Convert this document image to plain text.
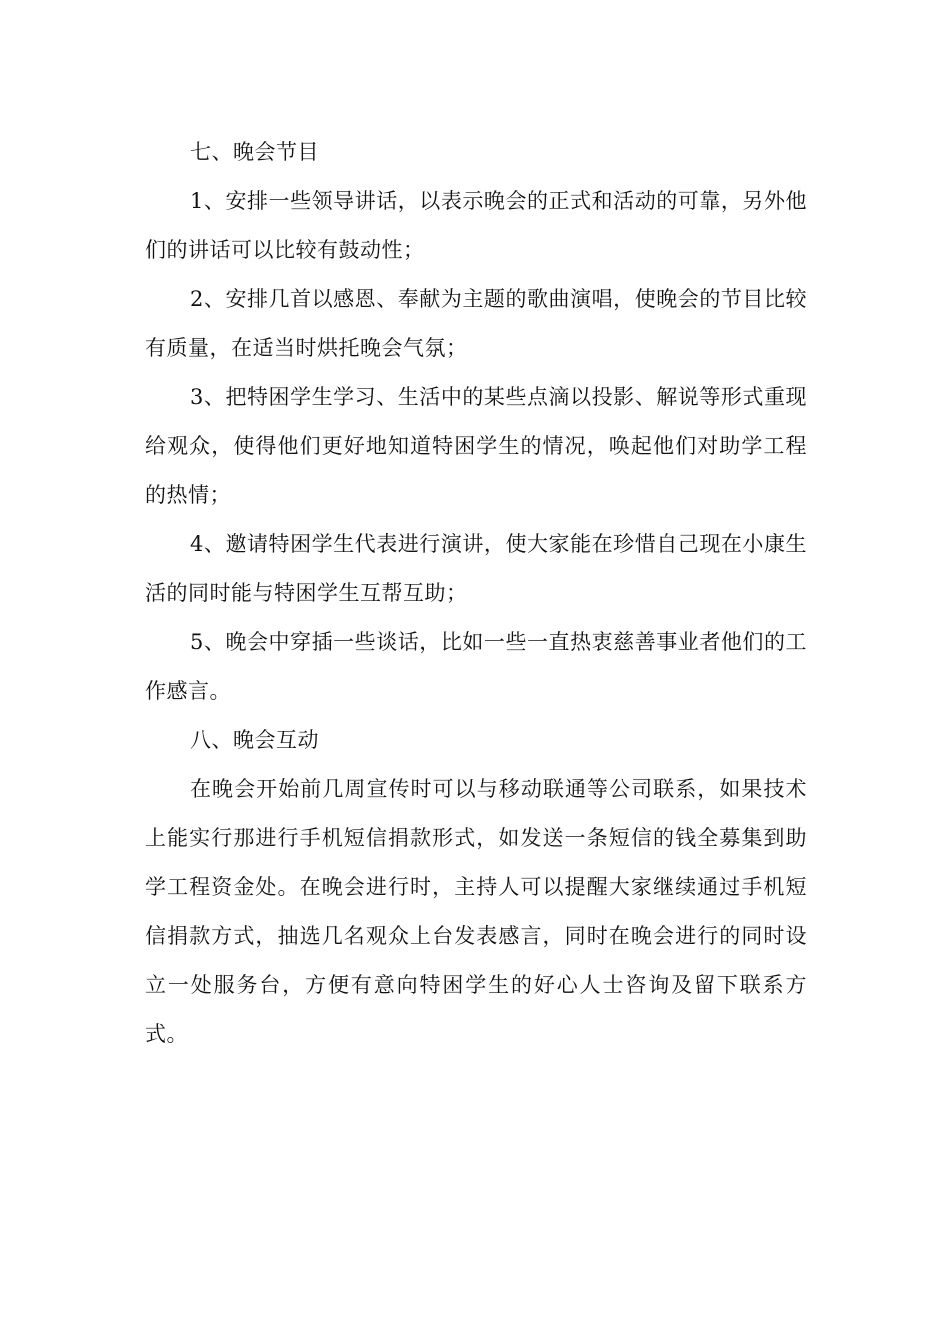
七、晚会节目

1、安排一些领导讲话，以表示晚会的正式和活动的可靠，另外他们的讲话可以比较有鼓动性；

2、安排几首以感恩、奉献为主题的歌曲演唱，使晚会的节目比较有质量，在适当时烘托晚会气氛；

3、把特困学生学习、生活中的某些点滴以投影、解说等形式重现给观众，使得他们更好地知道特困学生的情况，唤起他们对助学工程的热情；

4、邀请特困学生代表进行演讲，使大家能在珍惜自己现在小康生活的同时能与特困学生互帮互助；

5、晚会中穿插一些谈话，比如一些一直热衷慈善事业者他们的工作感言。

八、晚会互动

在晚会开始前几周宣传时可以与移动联通等公司联系，如果技术上能实行那进行手机短信捐款形式，如发送一条短信的钱全募集到助学工程资金处。在晚会进行时，主持人可以提醒大家继续通过手机短信捐款方式，抽选几名观众上台发表感言，同时在晚会进行的同时设立一处服务台，方便有意向特困学生的好心人士咨询及留下联系方式。
